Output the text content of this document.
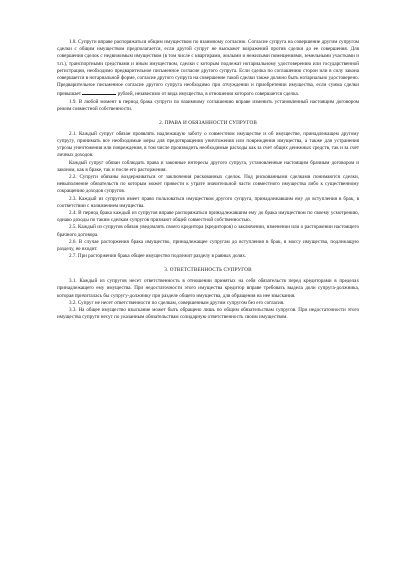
1.8. Супруги вправе распоряжаться общим имуществом по взаимному согласию. Согласие супруга на совершение другим супругом сделки с общим имуществом предполагается, если другой супруг не выскажет возражений против сделки до ее совершения. Для совершения сделок с недвижимым имуществом (в том числе с квартирами, жилыми и нежилыми помещениями, земельными участками и т.п.), транспортными средствами и иным имуществом, сделки с которым подлежат нотариальному удостоверению или государственной регистрации, необходимо предварительное письменное согласие другого супруга. Если сделка по соглашению сторон или в силу закона совершается в нотариальной форме, согласие другого супруга на совершение такой сделки также должно быть нотариально удостоверено. Предварительное письменное согласие другого супруга необходимо при отчуждении и приобретении имущества, если сумма сделки превышает	рублей, независимо от вида имущества, в отношении которого совершается сделка.

1.9. В любой момент в период брака супруги по взаимному соглашению вправе изменить установленный настоящим договором режим совместной собственности.

2. ПРАВА И ОБЯЗАННОСТИ СУПРУГОВ

2.1. Каждый супруг обязан проявлять надлежащую заботу о совместном имуществе и об имуществе, принадлежащем другому супругу, принимать все необходимые меры для предотвращения уничтожения или повреждения имущества, а также для устранения угрозы уничтожения или повреждения, в том числе производить необходимые расходы как за счет общих денежных средств, так и за счет личных доходов.

Каждый супруг обязан соблюдать права и законные интересы другого супруга, установленные настоящим брачным договором и законом, как в браке, так и после его расторжения.

2.2. Супруги обязаны воздерживаться от заключения рискованных сделок. Под рискованными сделками понимаются сделки, невыполнение обязательств по которым может привести к утрате значительной части совместного имущества либо к существенному сокращению доходов супругов.

2.3. Каждый из супругов имеет право пользоваться имуществом другого супруга, принадлежавшим ему до вступления в брак, в соответствии с назначением имущества.

2.4. В период брака каждый из супругов вправе распоряжаться принадлежавшим ему до брака имуществом по своему усмотрению, однако доходы по таким сделкам супругов признают общей совместной собственностью.

2.5. Каждый из супругов обязан уведомлять своего кредитора (кредиторов) о заключении, изменении или о расторжении настоящего брачного договора.

2.6. В случае расторжения брака имущество, принадлежащее супругам до вступления в брак, в массу имущества, подлежащую разделу, не входит.

2.7. При расторжении брака общее имущество подлежит разделу в равных долях.

3. ОТВЕТСТВЕННОСТЬ СУПРУГОВ

3.1. Каждый из супругов несет ответственность в отношении принятых на себя обязательств перед кредиторами в пределах принадлежащего ему имущества. При недостаточности этого имущества кредитор вправе требовать выдела доли супруга-должника, которая причиталась бы супругу-должнику при разделе общего имущества, для обращения на нее взыскания.

3.2. Супруг не несет ответственности по сделкам, совершенным другим супругом без его согласия.

3.3. На общее имущество взыскание может быть обращено лишь по общим обязательствам супругов. При недостаточности этого имущества супруги несут по указанным обязательствам солидарную ответственность своим имуществом.
